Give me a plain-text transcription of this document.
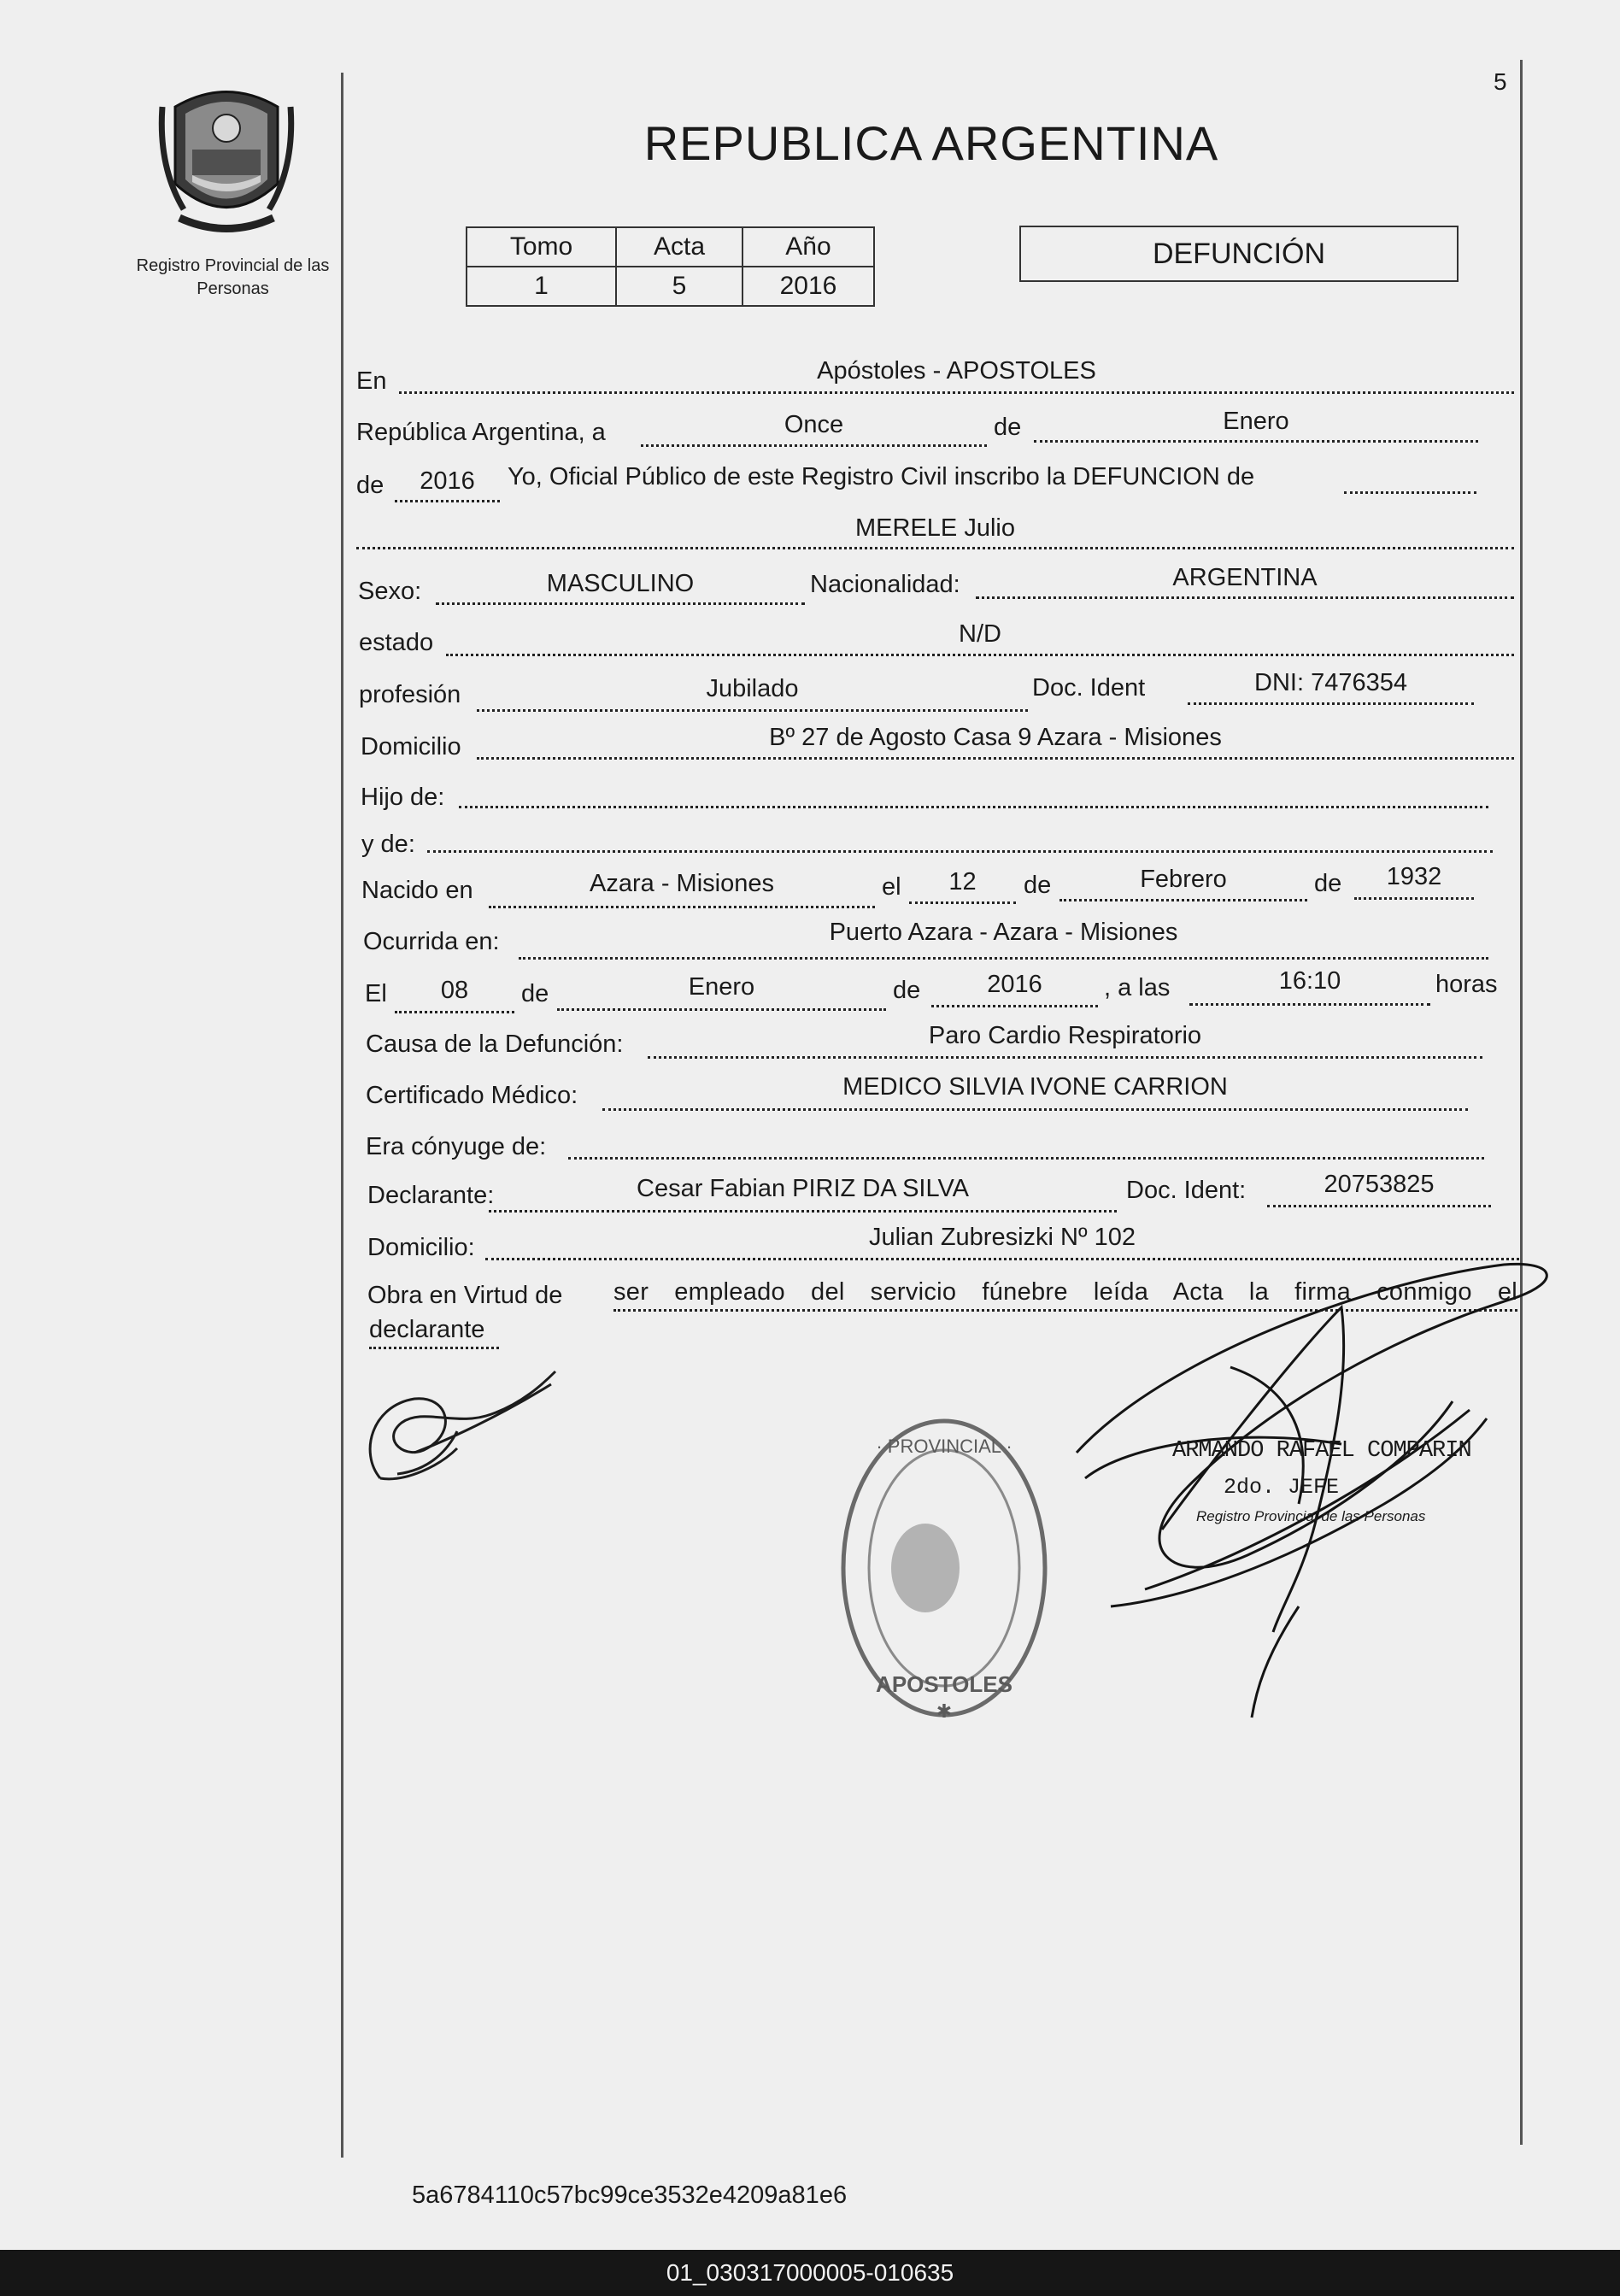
Registro Provincial de las Personas
5
REPUBLICA ARGENTINA
Tomo	Acta	Año
1	5	2016
DEFUNCIÓN
En	Apóstoles - APOSTOLES
República Argentina, a	Once	de	Enero
de	2016	Yo, Oficial Público de este Registro Civil inscribo la DEFUNCION de
MERELE Julio
Sexo:	MASCULINO	Nacionalidad:	ARGENTINA
estado	N/D
profesión	Jubilado	Doc. Ident	DNI: 7476354
Domicilio	Bº 27 de Agosto Casa 9 Azara - Misiones
Hijo de:
y de:
Nacido en	Azara - Misiones	el	12	de	Febrero	de	1932
Ocurrida en:	Puerto Azara - Azara - Misiones
El	08	de	Enero	de	2016	, a las	16:10	horas
Causa de la Defunción:	Paro Cardio Respiratorio
Certificado Médico:	MEDICO SILVIA IVONE CARRION
Era cónyuge de:
Declarante:	Cesar Fabian PIRIZ DA SILVA	Doc. Ident:	20753825
Domicilio:	Julian Zubresizki Nº 102
Obra en Virtud de ser empleado del servicio fúnebre leída Acta la firma conmigo el
declarante
· PROVINCIAL ·
APOSTOLES
✱
ARMANDO RAFAEL COMPARIN
2do. JEFE
Registro Provincial de las Personas
5a6784110c57bc99ce3532e4209a81e6
01_030317000005-010635
